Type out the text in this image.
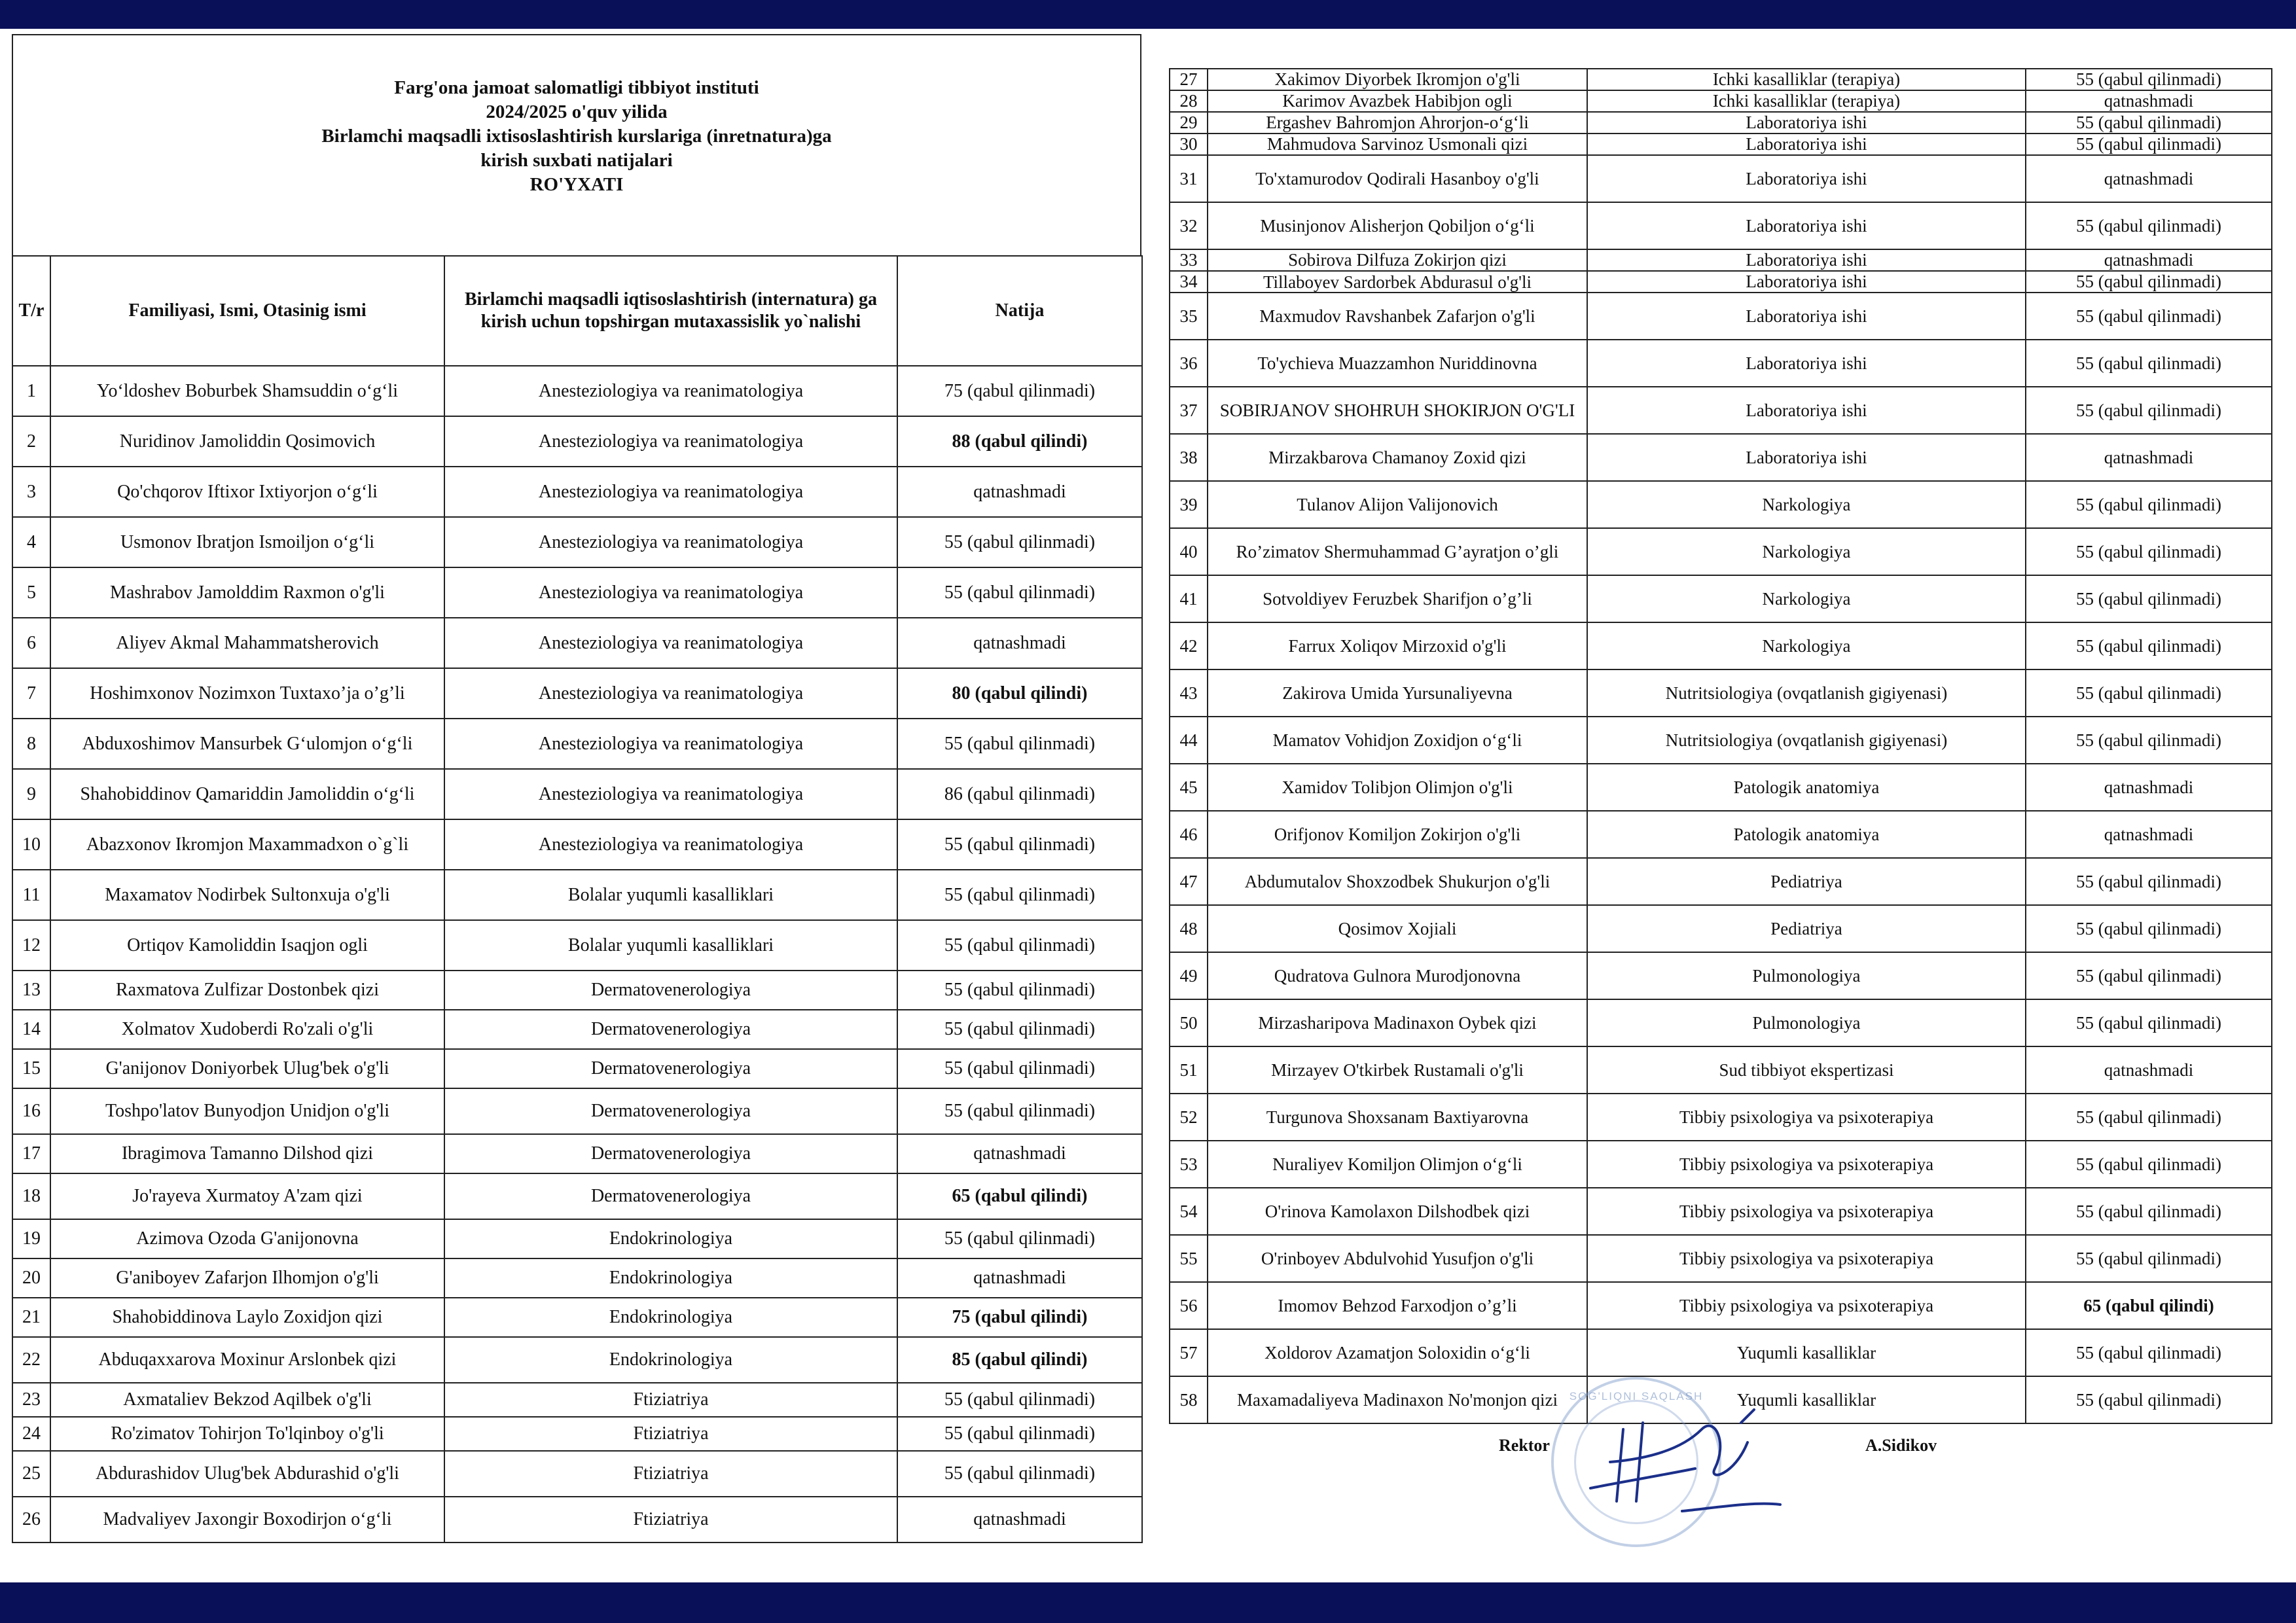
Farg'ona jamoat salomatligi tibbiyot instituti
2024/2025 o'quv yilida
Birlamchi maqsadli ixtisoslashtirish kurslariga (inretnatura)ga
kirish suxbati natijalari
RO'YXATI
T/r	Familiyasi, Ismi, Otasinig ismi	Birlamchi maqsadli iqtisoslashtirish (internatura) ga kirish uchun topshirgan mutaxassislik yo`nalishi	Natija
1	Yo‘ldoshev Boburbek Shamsuddin o‘g‘li	Anesteziologiya va reanimatologiya	75 (qabul qilinmadi)
2	Nuridinov Jamoliddin Qosimovich	Anesteziologiya va reanimatologiya	88 (qabul qilindi)
3	Qo'chqorov Iftixor Ixtiyorjon o‘g‘li	Anesteziologiya va reanimatologiya	qatnashmadi
4	Usmonov Ibratjon Ismoiljon o‘g‘li	Anesteziologiya va reanimatologiya	55 (qabul qilinmadi)
5	Mashrabov Jamolddim Raxmon o'g'li	Anesteziologiya va reanimatologiya	55 (qabul qilinmadi)
6	Aliyev Akmal Mahammatsherovich	Anesteziologiya va reanimatologiya	qatnashmadi
7	Hoshimxonov Nozimxon Tuxtaxo’ja o’g’li	Anesteziologiya va reanimatologiya	80 (qabul qilindi)
8	Abduxoshimov Mansurbek G‘ulomjon o‘g‘li	Anesteziologiya va reanimatologiya	55 (qabul qilinmadi)
9	Shahobiddinov Qamariddin Jamoliddin o‘g‘li	Anesteziologiya va reanimatologiya	86 (qabul qilinmadi)
10	Abazxonov Ikromjon Maxammadxon o`g`li	Anesteziologiya va reanimatologiya	55 (qabul qilinmadi)
11	Maxamatov Nodirbek Sultonxuja o'g'li	Bolalar yuqumli kasalliklari	55 (qabul qilinmadi)
12	Ortiqov Kamoliddin Isaqjon ogli	Bolalar yuqumli kasalliklari	55 (qabul qilinmadi)
13	Raxmatova Zulfizar Dostonbek qizi	Dermatovenerologiya	55 (qabul qilinmadi)
14	Xolmatov Xudoberdi Ro'zali o'g'li	Dermatovenerologiya	55 (qabul qilinmadi)
15	G'anijonov Doniyorbek Ulug'bek o'g'li	Dermatovenerologiya	55 (qabul qilinmadi)
16	Toshpo'latov Bunyodjon Unidjon o'g'li	Dermatovenerologiya	55 (qabul qilinmadi)
17	Ibragimova Tamanno Dilshod qizi	Dermatovenerologiya	qatnashmadi
18	Jo'rayeva Xurmatoy A'zam qizi	Dermatovenerologiya	65 (qabul qilindi)
19	Azimova Ozoda G'anijonovna	Endokrinologiya	55 (qabul qilinmadi)
20	G'aniboyev Zafarjon Ilhomjon o'g'li	Endokrinologiya	qatnashmadi
21	Shahobiddinova Laylo Zoxidjon qizi	Endokrinologiya	75 (qabul qilindi)
22	Abduqaxxarova Moxinur Arslonbek qizi	Endokrinologiya	85 (qabul qilindi)
23	Axmataliev Bekzod Aqilbek o'g'li	Ftiziatriya	55 (qabul qilinmadi)
24	Ro'zimatov Tohirjon To'lqinboy o'g'li	Ftiziatriya	55 (qabul qilinmadi)
25	Abdurashidov Ulug'bek Abdurashid o'g'li	Ftiziatriya	55 (qabul qilinmadi)
26	Madvaliyev Jaxongir Boxodirjon o‘g‘li	Ftiziatriya	qatnashmadi
27	Xakimov Diyorbek Ikromjon o'g'li	Ichki kasalliklar (terapiya)	55 (qabul qilinmadi)
28	Karimov Avazbek Habibjon ogli	Ichki kasalliklar (terapiya)	qatnashmadi
29	Ergashev Bahromjon Ahrorjon-o‘g‘li	Laboratoriya ishi	55 (qabul qilinmadi)
30	Mahmudova Sarvinoz Usmonali qizi	Laboratoriya ishi	55 (qabul qilinmadi)
31	To'xtamurodov Qodirali Hasanboy o'g'li	Laboratoriya ishi	qatnashmadi
32	Musinjonov Alisherjon Qobiljon o‘g‘li	Laboratoriya ishi	55 (qabul qilinmadi)
33	Sobirova Dilfuza Zokirjon qizi	Laboratoriya ishi	qatnashmadi
34	Tillaboyev Sardorbek Abdurasul o'g'li	Laboratoriya ishi	55 (qabul qilinmadi)
35	Maxmudov Ravshanbek Zafarjon o'g'li	Laboratoriya ishi	55 (qabul qilinmadi)
36	To'ychieva Muazzamhon Nuriddinovna	Laboratoriya ishi	55 (qabul qilinmadi)
37	SOBIRJANOV SHOHRUH SHOKIRJON O'G'LI	Laboratoriya ishi	55 (qabul qilinmadi)
38	Mirzakbarova Chamanoy Zoxid qizi	Laboratoriya ishi	qatnashmadi
39	Tulanov Alijon Valijonovich	Narkologiya	55 (qabul qilinmadi)
40	Ro’zimatov Shermuhammad G’ayratjon o’gli	Narkologiya	55 (qabul qilinmadi)
41	Sotvoldiyev Feruzbek Sharifjon o’g’li	Narkologiya	55 (qabul qilinmadi)
42	Farrux Xoliqov Mirzoxid o'g'li	Narkologiya	55 (qabul qilinmadi)
43	Zakirova Umida Yursunaliyevna	Nutritsiologiya (ovqatlanish gigiyenasi)	55 (qabul qilinmadi)
44	Mamatov Vohidjon Zoxidjon o‘g‘li	Nutritsiologiya (ovqatlanish gigiyenasi)	55 (qabul qilinmadi)
45	Xamidov Tolibjon Olimjon o'g'li	Patologik anatomiya	qatnashmadi
46	Orifjonov Komiljon Zokirjon o'g'li	Patologik anatomiya	qatnashmadi
47	Abdumutalov Shoxzodbek Shukurjon o'g'li	Pediatriya	55 (qabul qilinmadi)
48	Qosimov Xojiali	Pediatriya	55 (qabul qilinmadi)
49	Qudratova Gulnora Murodjonovna	Pulmonologiya	55 (qabul qilinmadi)
50	Mirzasharipova Madinaxon Oybek qizi	Pulmonologiya	55 (qabul qilinmadi)
51	Mirzayev O'tkirbek Rustamali o'g'li	Sud tibbiyot ekspertizasi	qatnashmadi
52	Turgunova Shoxsanam Baxtiyarovna	Tibbiy psixologiya va psixoterapiya	55 (qabul qilinmadi)
53	Nuraliyev Komiljon Olimjon o‘g‘li	Tibbiy psixologiya va psixoterapiya	55 (qabul qilinmadi)
54	O'rinova Kamolaxon Dilshodbek qizi	Tibbiy psixologiya va psixoterapiya	55 (qabul qilinmadi)
55	O'rinboyev Abdulvohid Yusufjon o'g'li	Tibbiy psixologiya va psixoterapiya	55 (qabul qilinmadi)
56	Imomov Behzod Farxodjon o’g’li	Tibbiy psixologiya va psixoterapiya	65 (qabul qilindi)
57	Xoldorov Azamatjon Soloxidin o‘g‘li	Yuqumli kasalliklar	55 (qabul qilinmadi)
58	Maxamadaliyeva Madinaxon No'monjon qizi	Yuqumli kasalliklar	55 (qabul qilinmadi)
SOG'LIQNI SAQLASH
Rektor	A.Sidikov
